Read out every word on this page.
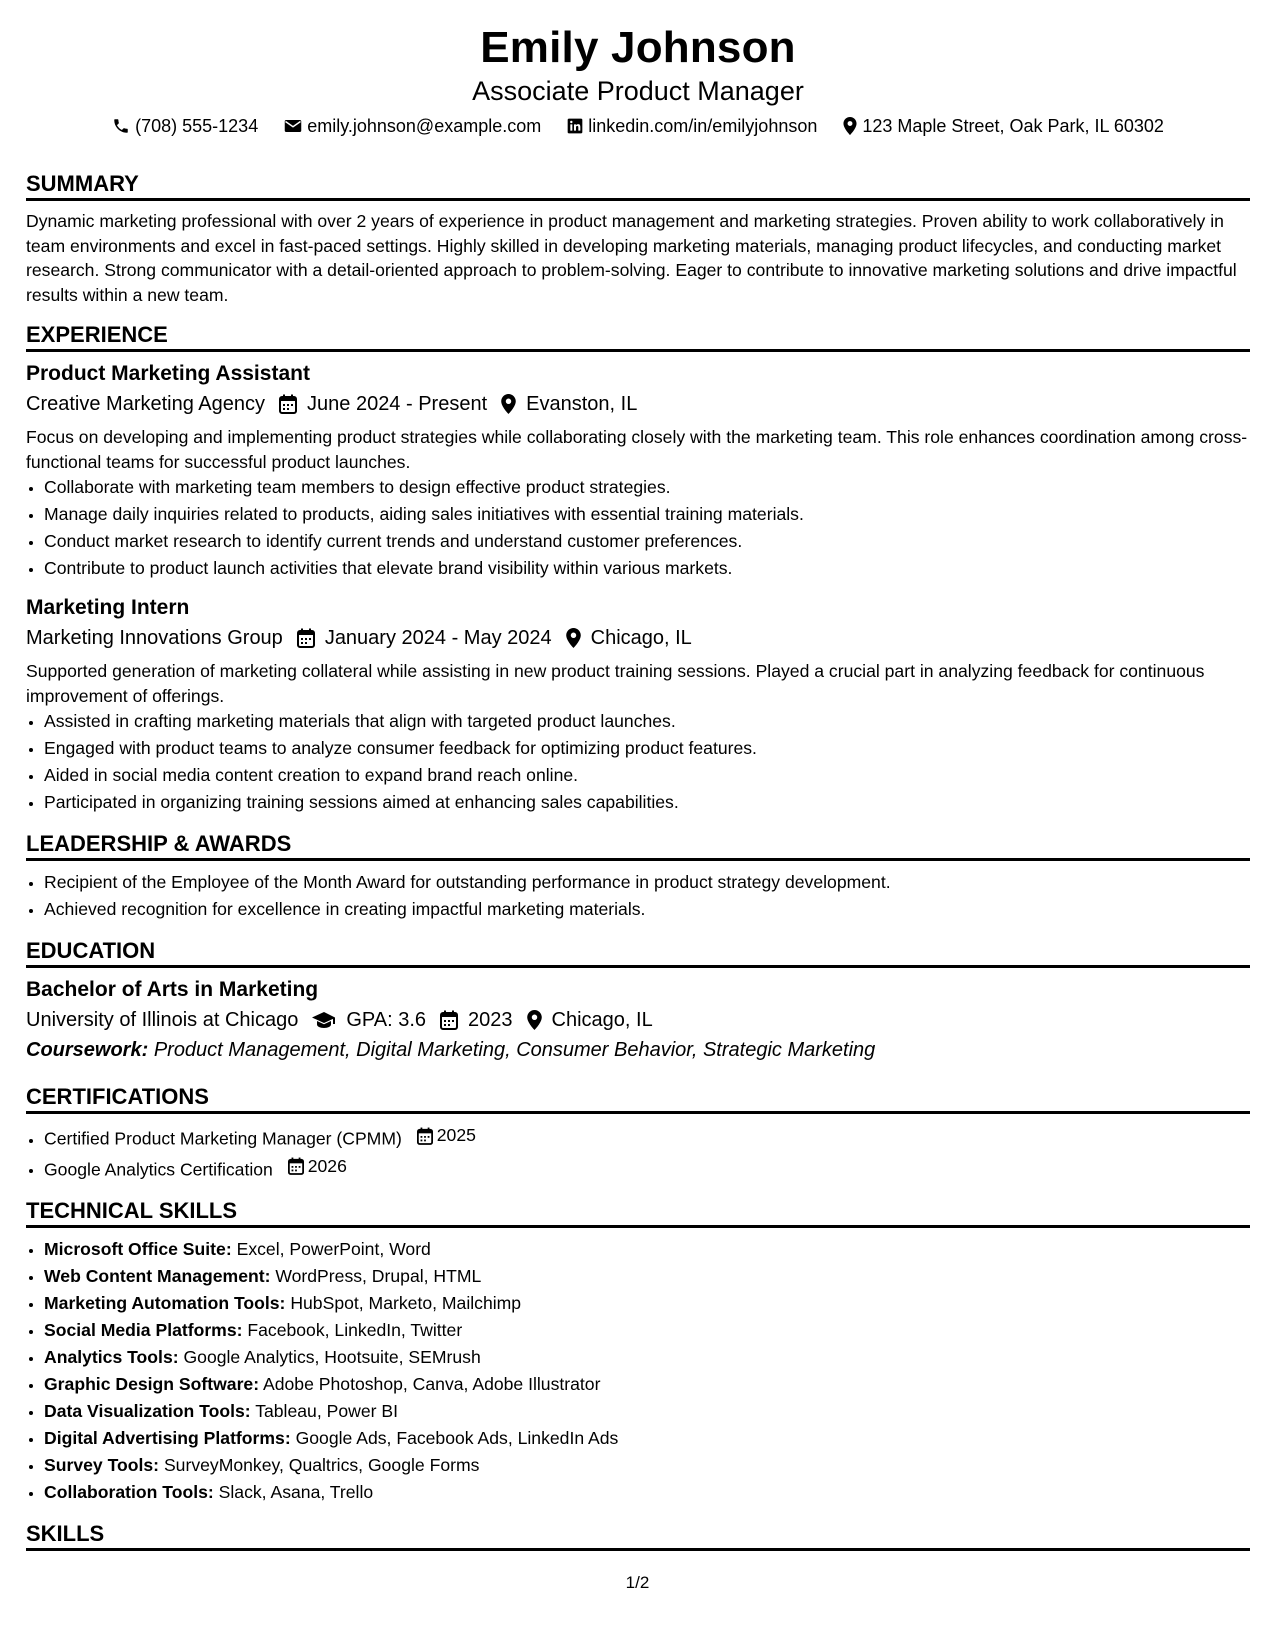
Emily Johnson
Associate Product Manager
(708) 555-1234	emily.johnson@example.com	linkedin.com/in/emilyjohnson	123 Maple Street, Oak Park, IL 60302
SUMMARY
Dynamic marketing professional with over 2 years of experience in product management and marketing strategies. Proven ability to work collaboratively in team environments and excel in fast-paced settings. Highly skilled in developing marketing materials, managing product lifecycles, and conducting market research. Strong communicator with a detail-oriented approach to problem-solving. Eager to contribute to innovative marketing solutions and drive impactful results within a new team.
EXPERIENCE
Product Marketing Assistant
Creative Marketing Agency June 2024 - Present Evanston, IL
Focus on developing and implementing product strategies while collaborating closely with the marketing team. This role enhances coordination among cross-functional teams for successful product launches.
• Collaborate with marketing team members to design effective product strategies.
• Manage daily inquiries related to products, aiding sales initiatives with essential training materials.
• Conduct market research to identify current trends and understand customer preferences.
• Contribute to product launch activities that elevate brand visibility within various markets.
Marketing Intern
Marketing Innovations Group January 2024 - May 2024 Chicago, IL
Supported generation of marketing collateral while assisting in new product training sessions. Played a crucial part in analyzing feedback for continuous improvement of offerings.
• Assisted in crafting marketing materials that align with targeted product launches.
• Engaged with product teams to analyze consumer feedback for optimizing product features.
• Aided in social media content creation to expand brand reach online.
• Participated in organizing training sessions aimed at enhancing sales capabilities.
LEADERSHIP & AWARDS
• Recipient of the Employee of the Month Award for outstanding performance in product strategy development.
• Achieved recognition for excellence in creating impactful marketing materials.
EDUCATION
Bachelor of Arts in Marketing
University of Illinois at Chicago GPA: 3.6 2023 Chicago, IL
Coursework: Product Management, Digital Marketing, Consumer Behavior, Strategic Marketing
CERTIFICATIONS
• Certified Product Marketing Manager (CPMM) 2025
• Google Analytics Certification 2026
TECHNICAL SKILLS
• Microsoft Office Suite: Excel, PowerPoint, Word
• Web Content Management: WordPress, Drupal, HTML
• Marketing Automation Tools: HubSpot, Marketo, Mailchimp
• Social Media Platforms: Facebook, LinkedIn, Twitter
• Analytics Tools: Google Analytics, Hootsuite, SEMrush
• Graphic Design Software: Adobe Photoshop, Canva, Adobe Illustrator
• Data Visualization Tools: Tableau, Power BI
• Digital Advertising Platforms: Google Ads, Facebook Ads, LinkedIn Ads
• Survey Tools: SurveyMonkey, Qualtrics, Google Forms
• Collaboration Tools: Slack, Asana, Trello
SKILLS
1/2
